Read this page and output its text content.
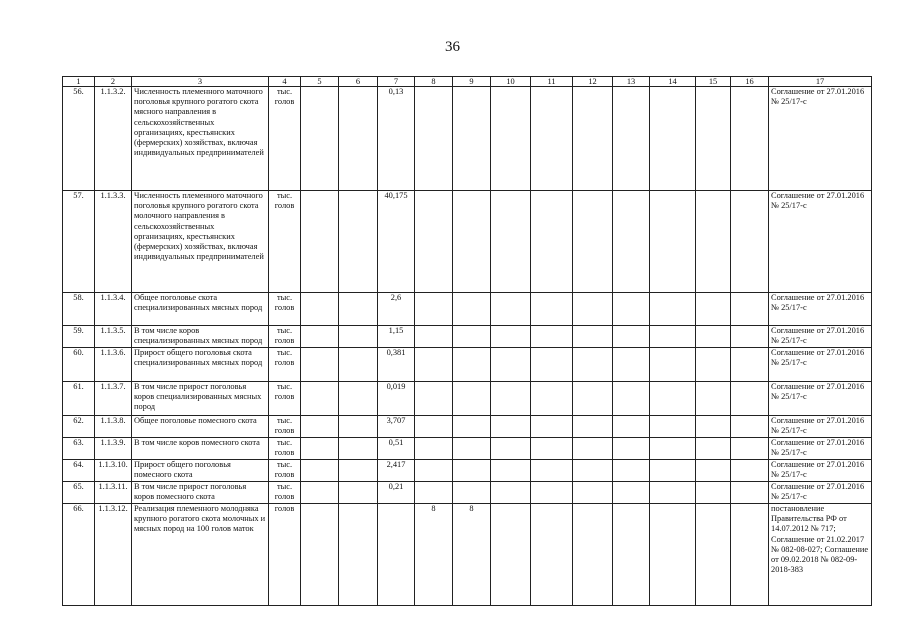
36
1	2	3	4	5	6	7	8	9	10	11	12	13	14	15	16	17
56.	1.1.3.2.	Численность племенного маточного поголовья крупного рогатого скота мясного направления в сельскохозяйственных организациях, крестьянских (фермерских) хозяйствах, включая индивидуальных предпринимателей	тыс. голов			0,13										Соглашение от 27.01.2016 № 25/17-с
57.	1.1.3.3.	Численность племенного маточного поголовья крупного рогатого скота молочного направления в сельскохозяйственных организациях, крестьянских (фермерских) хозяйствах, включая индивидуальных предпринимателей	тыс. голов			40,175										Соглашение от 27.01.2016 № 25/17-с
58.	1.1.3.4.	Общее поголовье скота специализированных мясных пород	тыс. голов			2,6										Соглашение от 27.01.2016 № 25/17-с
59.	1.1.3.5.	В том числе коров специализированных мясных пород	тыс. голов			1,15										Соглашение от 27.01.2016 № 25/17-с
60.	1.1.3.6.	Прирост общего поголовья скота специализированных мясных пород	тыс. голов			0,381										Соглашение от 27.01.2016 № 25/17-с
61.	1.1.3.7.	В том числе прирост поголовья коров специализированных мясных пород	тыс. голов			0,019										Соглашение от 27.01.2016 № 25/17-с
62.	1.1.3.8.	Общее поголовье помесного скота	тыс. голов			3,707										Соглашение от 27.01.2016 № 25/17-с
63.	1.1.3.9.	В том числе коров помесного скота	тыс. голов			0,51										Соглашение от 27.01.2016 № 25/17-с
64.	1.1.3.10.	Прирост общего поголовья помесного скота	тыс. голов			2,417										Соглашение от 27.01.2016 № 25/17-с
65.	1.1.3.11.	В том числе прирост поголовья коров помесного скота	тыс. голов			0,21										Соглашение от 27.01.2016 № 25/17-с
66.	1.1.3.12.	Реализация племенного молодняка крупного рогатого скота молочных и мясных пород на 100 голов маток	голов				8	8								постановление Правительства РФ от 14.07.2012 № 717; Соглашение от 21.02.2017 № 082-08-027; Соглашение от 09.02.2018 № 082-09-2018-383
